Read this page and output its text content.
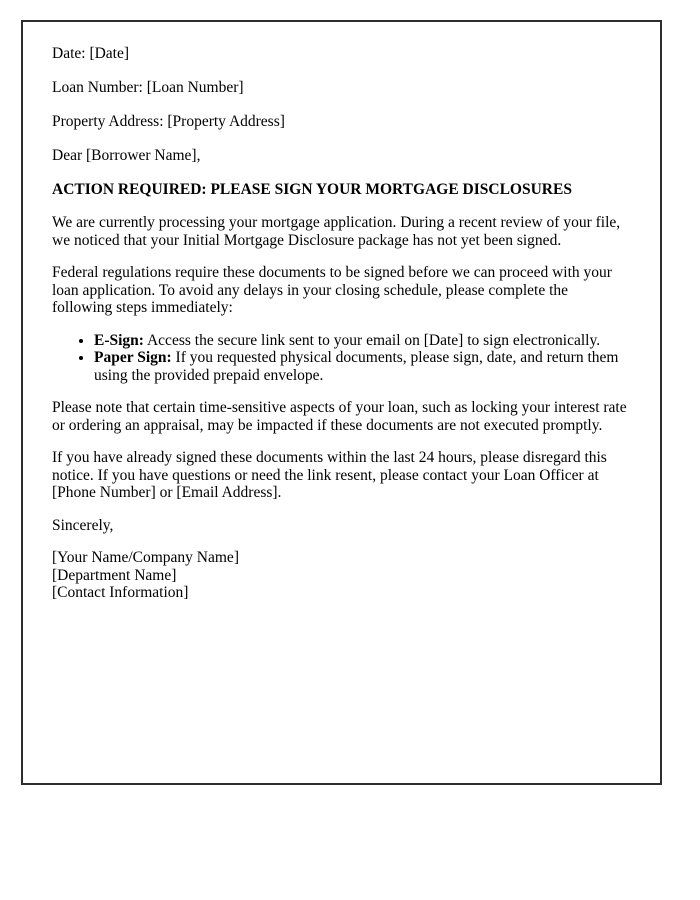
Date: [Date]

Loan Number: [Loan Number]

Property Address: [Property Address]

Dear [Borrower Name],

ACTION REQUIRED: PLEASE SIGN YOUR MORTGAGE DISCLOSURES

We are currently processing your mortgage application. During a recent review of your file, we noticed that your Initial Mortgage Disclosure package has not yet been signed.

Federal regulations require these documents to be signed before we can proceed with your loan application. To avoid any delays in your closing schedule, please complete the following steps immediately:

• E-Sign: Access the secure link sent to your email on [Date] to sign electronically.
• Paper Sign: If you requested physical documents, please sign, date, and return them using the provided prepaid envelope.

Please note that certain time-sensitive aspects of your loan, such as locking your interest rate or ordering an appraisal, may be impacted if these documents are not executed promptly.

If you have already signed these documents within the last 24 hours, please disregard this notice. If you have questions or need the link resent, please contact your Loan Officer at [Phone Number] or [Email Address].

Sincerely,

[Your Name/Company Name]

[Department Name]

[Contact Information]
